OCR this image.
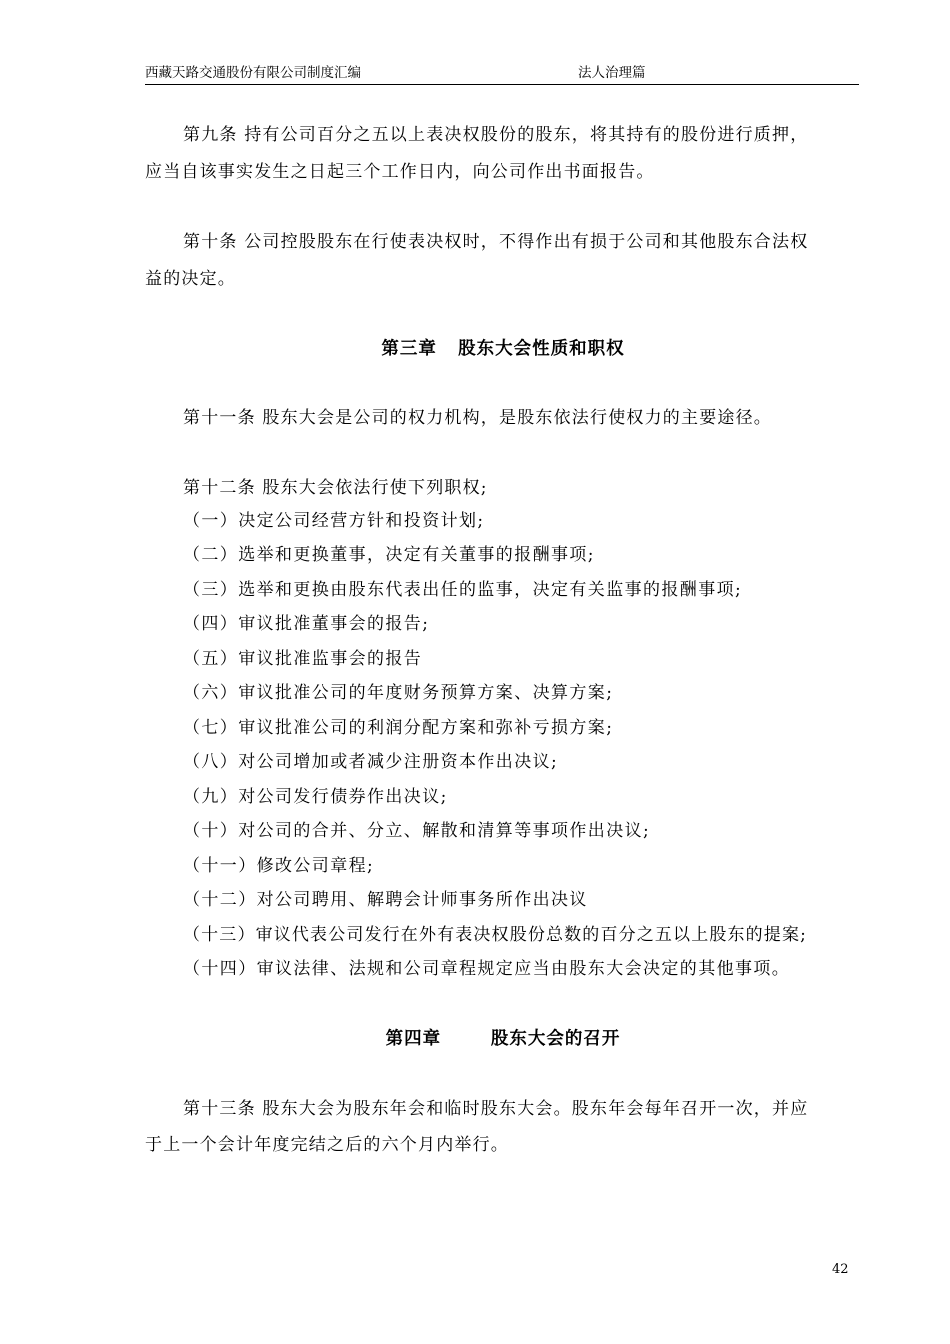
西藏天路交通股份有限公司制度汇编	法人治理篇
第九条 持有公司百分之五以上表决权股份的股东，将其持有的股份进行质押，
应当自该事实发生之日起三个工作日内，向公司作出书面报告。
第十条 公司控股股东在行使表决权时，不得作出有损于公司和其他股东合法权
益的决定。
第三章   股东大会性质和职权
第十一条 股东大会是公司的权力机构，是股东依法行使权力的主要途径。
第十二条 股东大会依法行使下列职权;
（一）决定公司经营方针和投资计划;
（二）选举和更换董事，决定有关董事的报酬事项;
（三）选举和更换由股东代表出任的监事，决定有关监事的报酬事项;
（四）审议批准董事会的报告;
（五）审议批准监事会的报告
（六）审议批准公司的年度财务预算方案、决算方案;
（七）审议批准公司的利润分配方案和弥补亏损方案;
（八）对公司增加或者减少注册资本作出决议;
（九）对公司发行债券作出决议;
（十）对公司的合并、分立、解散和清算等事项作出决议;
（十一）修改公司章程;
（十二）对公司聘用、解聘会计师事务所作出决议
（十三）审议代表公司发行在外有表决权股份总数的百分之五以上股东的提案;
（十四）审议法律、法规和公司章程规定应当由股东大会决定的其他事项。
第四章       股东大会的召开
第十三条 股东大会为股东年会和临时股东大会。股东年会每年召开一次，并应
于上一个会计年度完结之后的六个月内举行。
42
